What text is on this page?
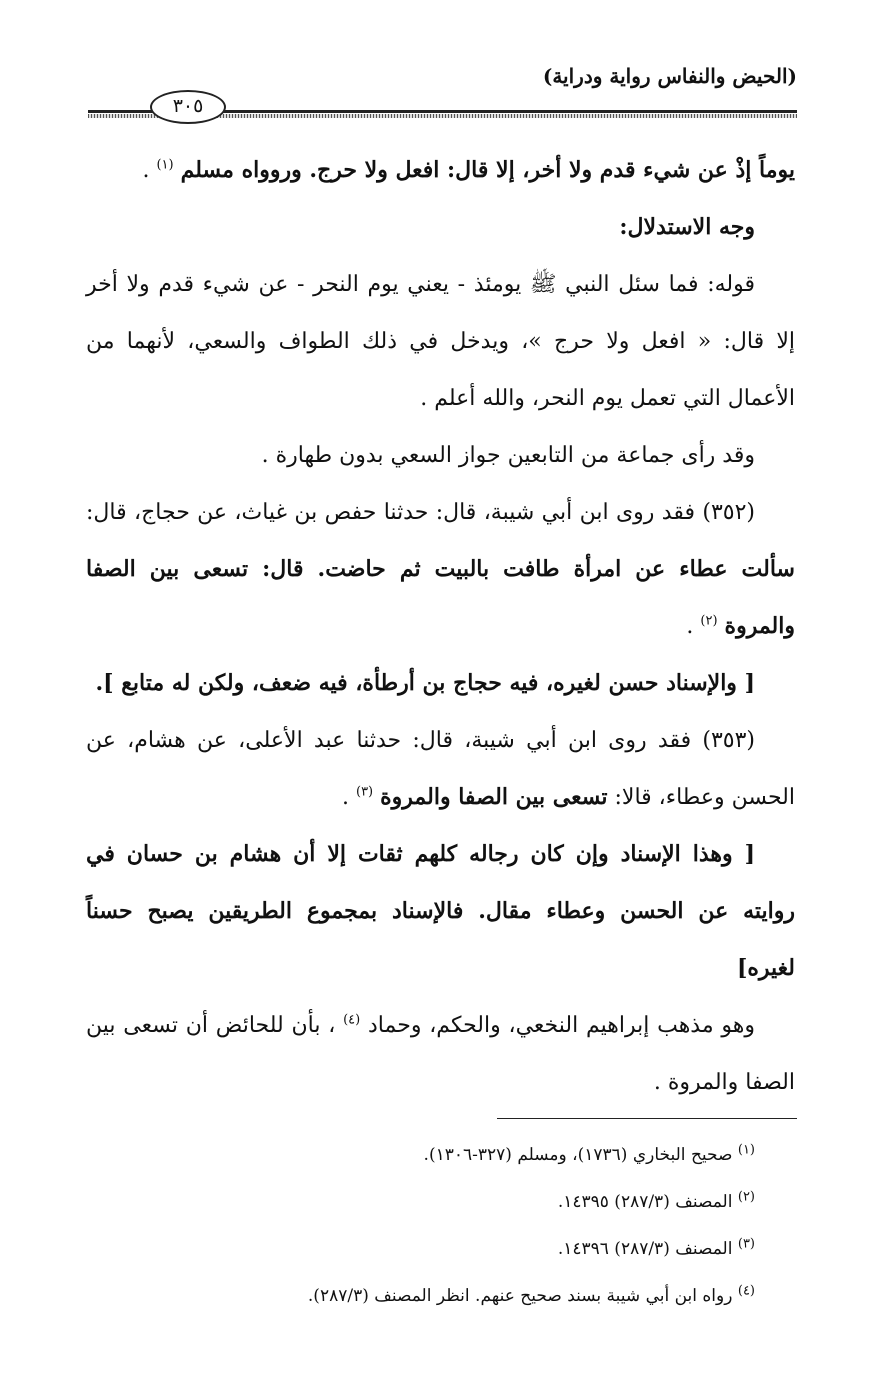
(الحيض والنفاس رواية ودراية)
٣٠٥

يوماً إذْ عن شيء قدم ولا أخر، إلا قال: افعل ولا حرج. وروواه مسلم $^{(١)}$ .

وجه الاستدلال:

قوله: فما سئل النبي ﷺ يومئذ - يعني يوم النحر - عن شيء قدم ولا أخر إلا قال: « افعل ولا حرج »، ويدخل في ذلك الطواف والسعي، لأنهما من الأعمال التي تعمل يوم النحر، والله أعلم .

وقد رأى جماعة من التابعين جواز السعي بدون طهارة .

(٣٥٢) فقد روى ابن أبي شيبة، قال: حدثنا حفص بن غياث، عن حجاج، قال: سألت عطاء عن امرأة طافت بالبيت ثم حاضت. قال: تسعى بين الصفا والمروة $^{(٢)}$ .

[ والإسناد حسن لغيره، فيه حجاج بن أرطأة، فيه ضعف، ولكن له متابع ].

(٣٥٣) فقد روى ابن أبي شيبة، قال: حدثنا عبد الأعلى، عن هشام، عن الحسن وعطاء، قالا: تسعى بين الصفا والمروة $^{(٣)}$ .

[ وهذا الإسناد وإن كان رجاله كلهم ثقات إلا أن هشام بن حسان في روايته عن الحسن وعطاء مقال. فالإسناد بمجموع الطريقين يصبح حسناً لغيره]

وهو مذهب إبراهيم النخعي، والحكم، وحماد $^{(٤)}$ ، بأن للحائض أن تسعى بين الصفا والمروة .

$^{(١)}$ صحيح البخاري (١٧٣٦)، ومسلم (٣٢٧-١٣٠٦).

$^{(٢)}$ المصنف (٢٨٧/٣) ١٤٣٩٥.

$^{(٣)}$ المصنف (٢٨٧/٣) ١٤٣٩٦.

$^{(٤)}$ رواه ابن أبي شيبة بسند صحيح عنهم. انظر المصنف (٢٨٧/٣).
